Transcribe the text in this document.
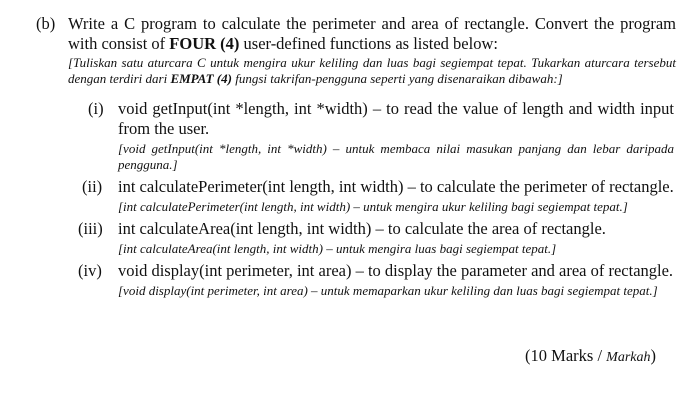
(b) Write a C program to calculate the perimeter and area of rectangle. Convert the program with consist of FOUR (4) user-defined functions as listed below:
[Tuliskan satu aturcara C untuk mengira ukur keliling dan luas bagi segiempat tepat. Tukarkan aturcara tersebut dengan terdiri dari EMPAT (4) fungsi takrifan-pengguna seperti yang disenaraikan dibawah:]
(i) void getInput(int *length, int *width) – to read the value of length and width input from the user.
[void getInput(int *length, int *width) – untuk membaca nilai masukan panjang dan lebar daripada pengguna.]
(ii) int calculatePerimeter(int length, int width) – to calculate the perimeter of rectangle.
[int calculatePerimeter(int length, int width) – untuk mengira ukur keliling bagi segiempat tepat.]
(iii) int calculateArea(int length, int width) – to calculate the area of rectangle.
[int calculateArea(int length, int width) – untuk mengira luas bagi segiempat tepat.]
(iv) void display(int perimeter, int area) – to display the parameter and area of rectangle.
[void display(int perimeter, int area) – untuk memaparkan ukur keliling dan luas bagi segiempat tepat.]
(10 Marks / Markah)
